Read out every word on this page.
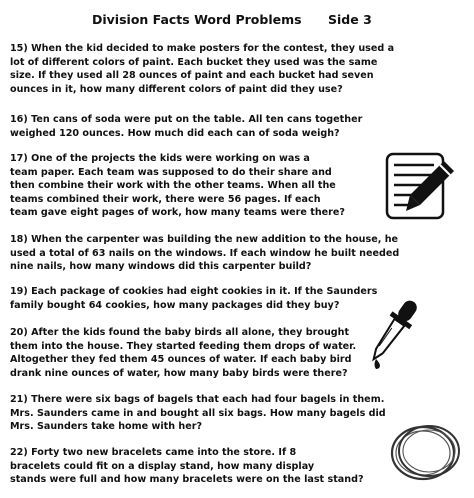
Division Facts Word Problems Side 3

15) When the kid decided to make posters for the contest, they used a
lot of different colors of paint. Each bucket they used was the same
size. If they used all 28 ounces of paint and each bucket had seven
ounces in it, how many different colors of paint did they use?

16) Ten cans of soda were put on the table. All ten cans together
weighed 120 ounces. How much did each can of soda weigh?

17) One of the projects the kids were working on was a
team paper. Each team was supposed to do their share and
then combine their work with the other teams. When all the
teams combined their work, there were 56 pages. If each
team gave eight pages of work, how many teams were there?

18) When the carpenter was building the new addition to the house, he
used a total of 63 nails on the windows. If each window he built needed
nine nails, how many windows did this carpenter build?

19) Each package of cookies had eight cookies in it. If the Saunders
family bought 64 cookies, how many packages did they buy?

20) After the kids found the baby birds all alone, they brought
them into the house. They started feeding them drops of water.
Altogether they fed them 45 ounces of water. If each baby bird
drank nine ounces of water, how many baby birds were there?

21) There were six bags of bagels that each had four bagels in them.
Mrs. Saunders came in and bought all six bags. How many bagels did
Mrs. Saunders take home with her?

22) Forty two new bracelets came into the store. If 8
bracelets could fit on a display stand, how many display
stands were full and how many bracelets were on the last stand?
